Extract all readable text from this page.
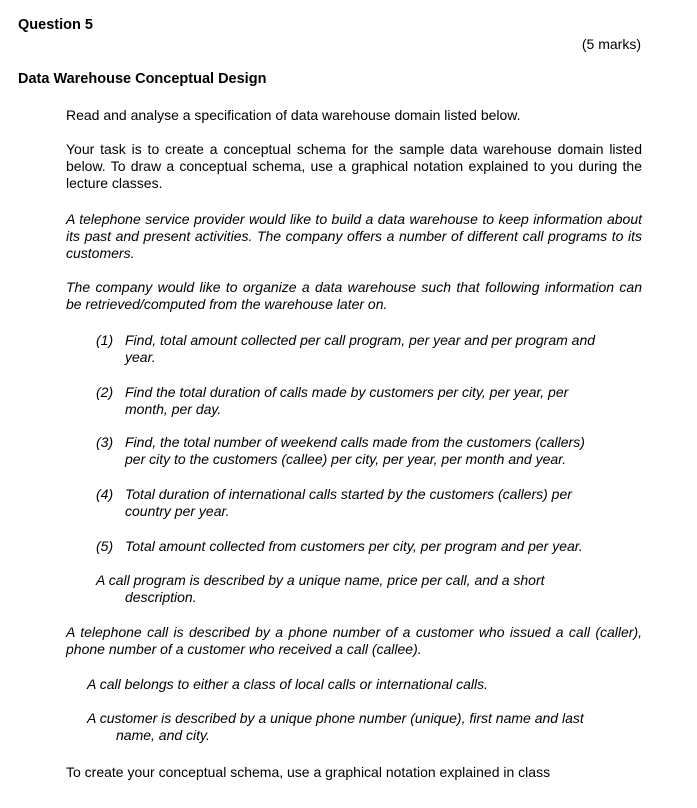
Question 5
(5 marks)
Data Warehouse Conceptual Design
Read and analyse a specification of data warehouse domain listed below.
Your task is to create a conceptual schema for the sample data warehouse domain listed below. To draw a conceptual schema, use a graphical notation explained to you during the lecture classes.
A telephone service provider would like to build a data warehouse to keep information about its past and present activities. The company offers a number of different call programs to its customers.
The company would like to organize a data warehouse such that following information can be retrieved/computed from the warehouse later on.
(1) Find, total amount collected per call program, per year and per program and
year.
(2) Find the total duration of calls made by customers per city, per year, per
month, per day.
(3) Find, the total number of weekend calls made from the customers (callers)
per city to the customers (callee) per city, per year, per month and year.
(4) Total duration of international calls started by the customers (callers) per
country per year.
(5) Total amount collected from customers per city, per program and per year.
A call program is described by a unique name, price per call, and a short
description.
A telephone call is described by a phone number of a customer who issued a call (caller), phone number of a customer who received a call (callee).
A call belongs to either a class of local calls or international calls.
A customer is described by a unique phone number (unique), first name and last
name, and city.
To create your conceptual schema, use a graphical notation explained in class
